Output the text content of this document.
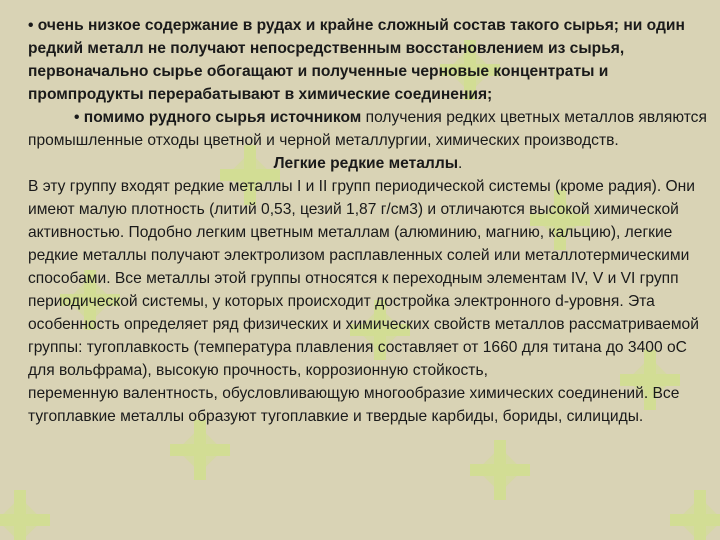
• очень низкое содержание в рудах и крайне сложный состав такого сырья; ни один редкий металл не получают непосредственным восстановлением из сырья, первоначально сырье обогащают и полученные черновые концентраты и промпродукты перерабатывают в химические соединения;

• помимо рудного сырья источником получения редких цветных металлов являются промышленные отходы цветной и черной металлургии, химических производств.

Легкие редкие металлы.

В эту группу входят редкие металлы I и II групп периодической системы (кроме радия). Они имеют малую плотность (литий 0,53, цезий 1,87 г/см3) и отличаются высокой химической активностью. Подобно легким цветным металлам (алюминию, магнию, кальцию), легкие редкие металлы получают электролизом расплавленных солей или металлотермическими способами. Все металлы этой группы относятся к переходным элементам IV, V и VI групп периодической системы, у которых происходит достройка электронного d-уровня. Эта особенность определяет ряд физических и химических свойств металлов рассматриваемой группы: тугоплавкость (температура плавления составляет от 1660 для титана до 3400 оС для вольфрама), высокую прочность, коррозионную стойкость,

переменную валентность, обусловливающую многообразие химических соединений. Все тугоплавкие металлы образуют тугоплавкие и твердые карбиды, бориды, силициды.
